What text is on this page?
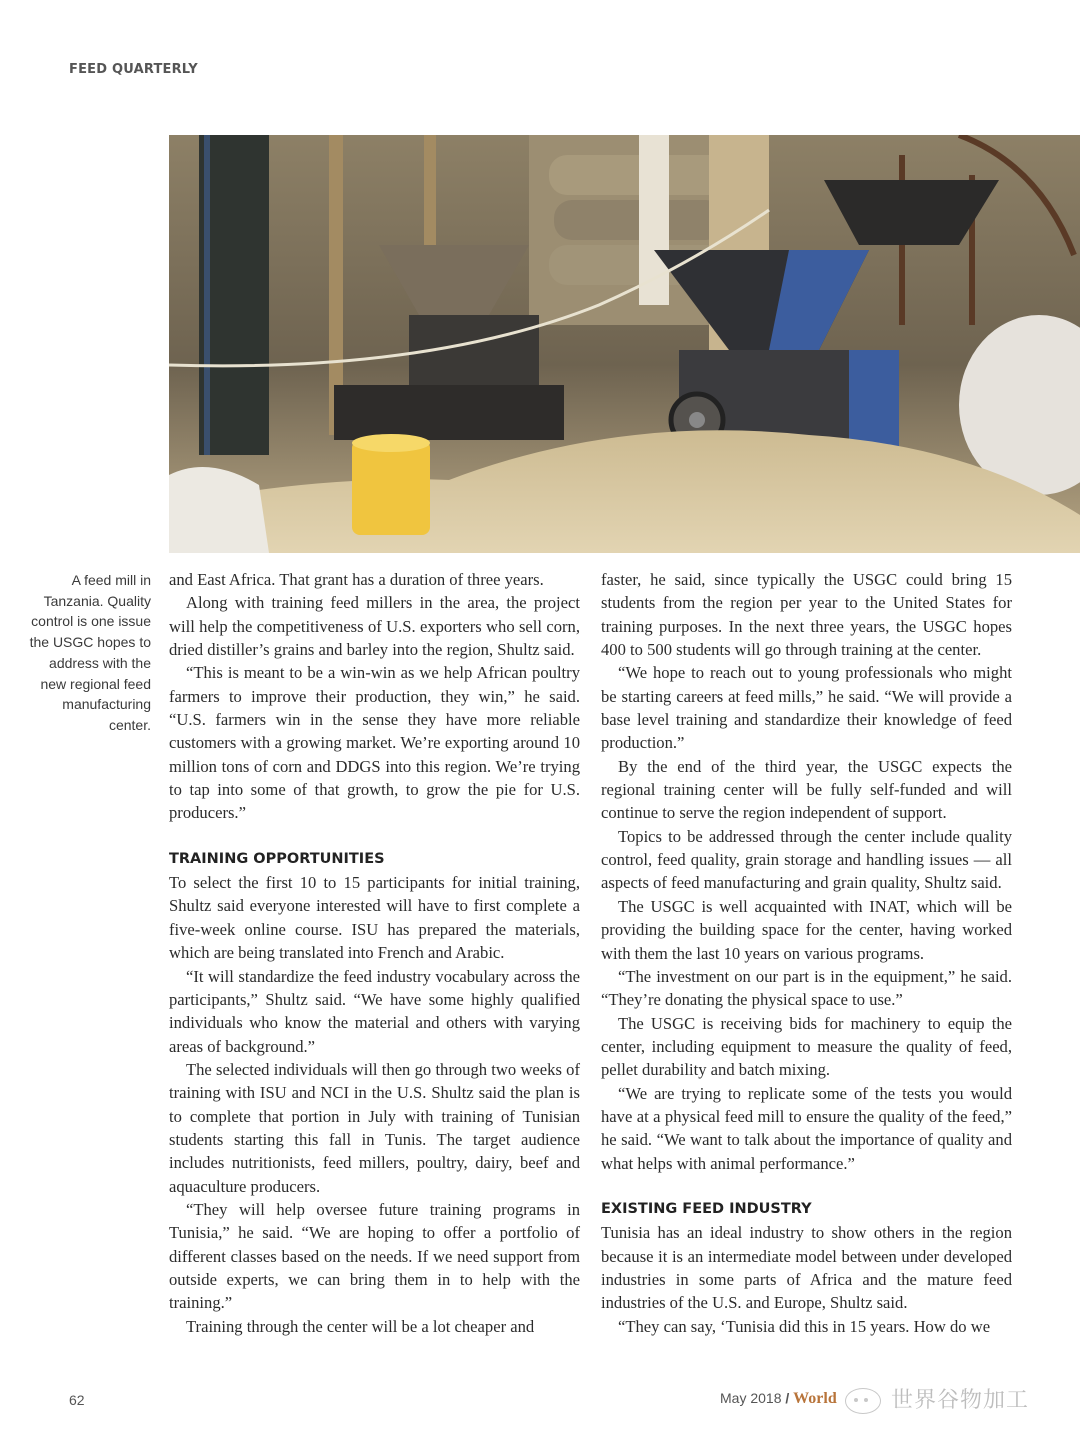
FEED QUARTERLY
A feed mill in Tanzania. Quality control is one issue the USGC hopes to address with the new regional feed manufacturing center.

and East Africa. That grant has a duration of three years.

Along with training feed millers in the area, the project will help the competitiveness of U.S. exporters who sell corn, dried distiller’s grains and barley into the region, Shultz said.

“This is meant to be a win-win as we help African poultry farmers to improve their production, they win,” he said. “U.S. farmers win in the sense they have more reliable customers with a growing market. We’re exporting around 10 million tons of corn and DDGS into this region. We’re trying to tap into some of that growth, to grow the pie for U.S. producers.”

TRAINING OPPORTUNITIES

To select the first 10 to 15 participants for initial training, Shultz said everyone interested will have to first complete a five-week online course. ISU has prepared the materials, which are being translated into French and Arabic.

“It will standardize the feed industry vocabulary across the participants,” Shultz said. “We have some highly qualified individuals who know the material and others with varying areas of background.”

The selected individuals will then go through two weeks of training with ISU and NCI in the U.S. Shultz said the plan is to complete that portion in July with training of Tunisian students starting this fall in Tunis. The target audience includes nutritionists, feed millers, poultry, dairy, beef and aquaculture producers.

“They will help oversee future training programs in Tunisia,” he said. “We are hoping to offer a portfolio of different classes based on the needs. If we need support from outside experts, we can bring them in to help with the training.”

Training through the center will be a lot cheaper and

faster, he said, since typically the USGC could bring 15 students from the region per year to the United States for training purposes. In the next three years, the USGC hopes 400 to 500 students will go through training at the center.

“We hope to reach out to young professionals who might be starting careers at feed mills,” he said. “We will provide a base level training and standardize their knowledge of feed production.”

By the end of the third year, the USGC expects the regional training center will be fully self-funded and will continue to serve the region independent of support.

Topics to be addressed through the center include quality control, feed quality, grain storage and handling issues — all aspects of feed manufacturing and grain quality, Shultz said.

The USGC is well acquainted with INAT, which will be providing the building space for the center, having worked with them the last 10 years on various programs.

“The investment on our part is in the equipment,” he said. “They’re donating the physical space to use.”

The USGC is receiving bids for machinery to equip the center, including equipment to measure the quality of feed, pellet durability and batch mixing.

“We are trying to replicate some of the tests you would have at a physical feed mill to ensure the quality of the feed,” he said. “We want to talk about the importance of quality and what helps with animal performance.”

EXISTING FEED INDUSTRY

Tunisia has an ideal industry to show others in the region because it is an intermediate model between under developed industries in some parts of Africa and the mature feed industries of the U.S. and Europe, Shultz said.

“They can say, ‘Tunisia did this in 15 years. How do we

62	May 2018 / World	世界谷物加工
